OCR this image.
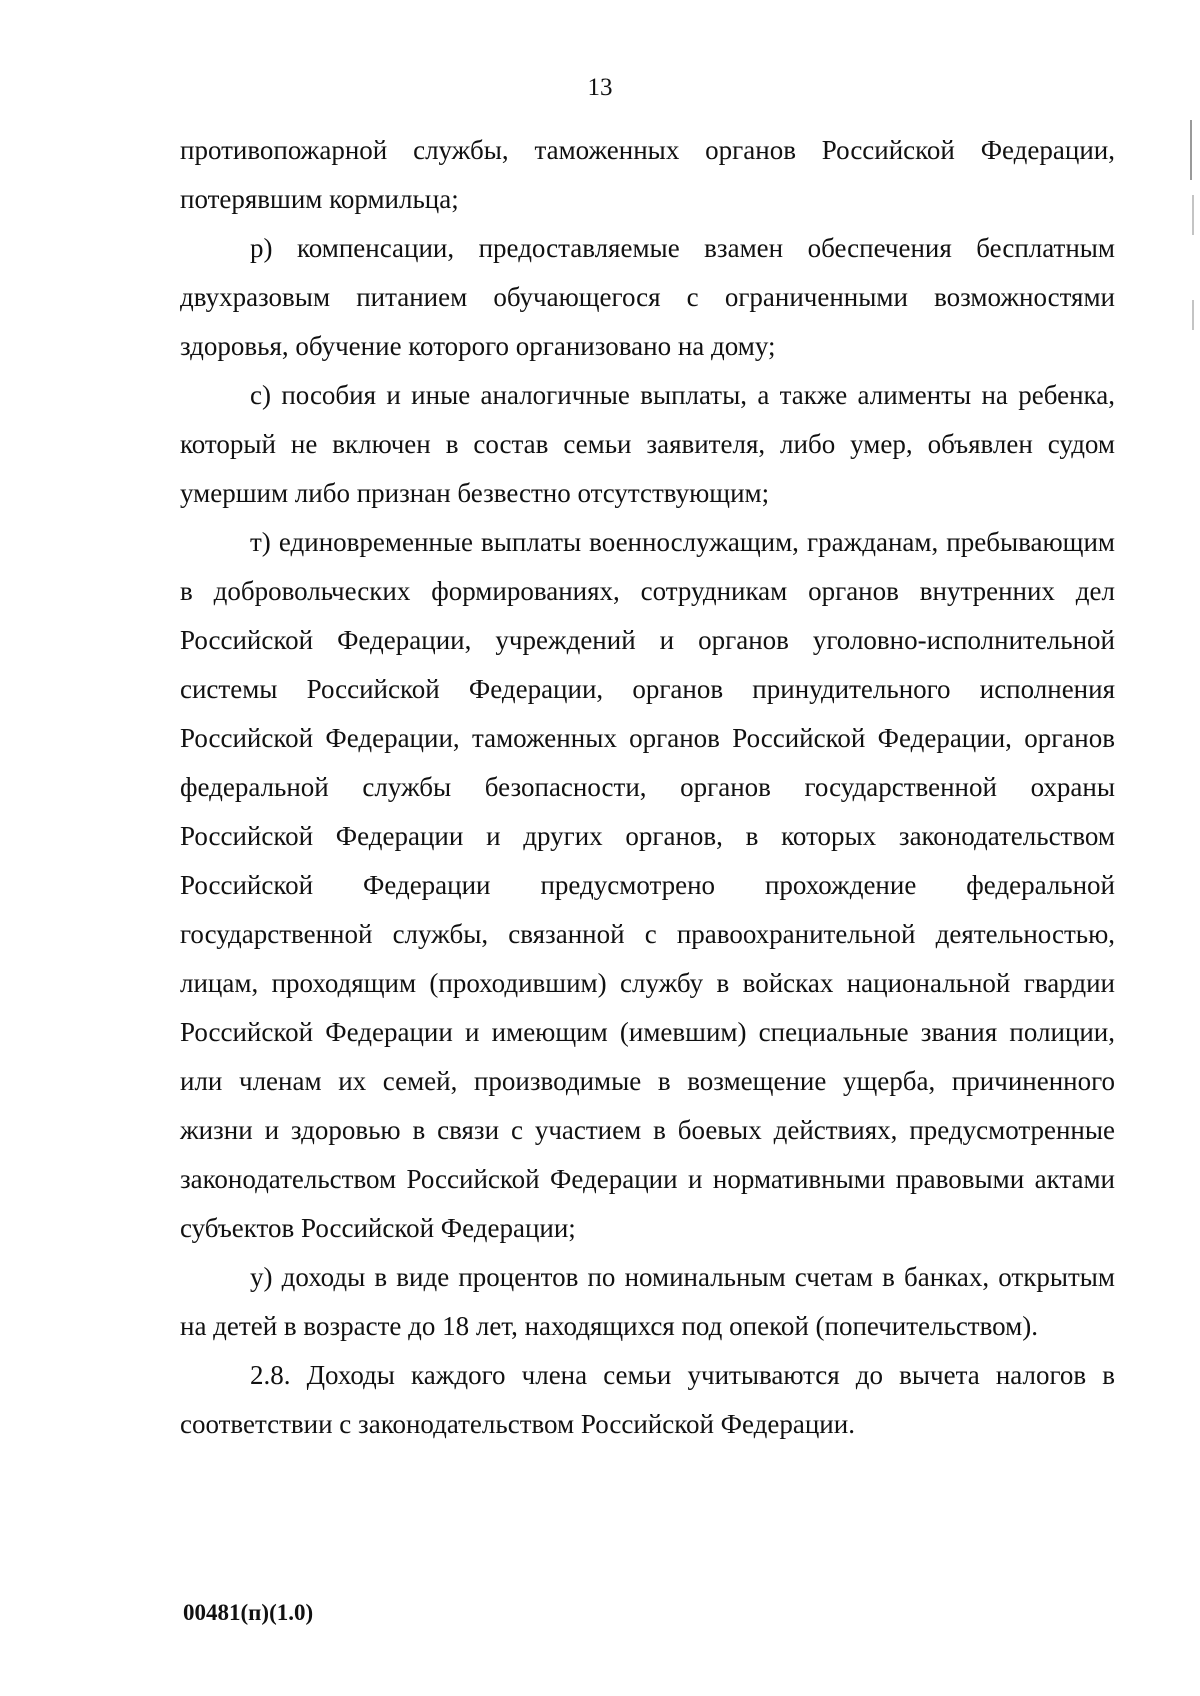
13

противопожарной службы, таможенных органов Российской Федерации, потерявшим кормильца;

р) компенсации, предоставляемые взамен обеспечения бесплатным двухразовым питанием обучающегося с ограниченными возможностями здоровья, обучение которого организовано на дому;

с) пособия и иные аналогичные выплаты, а также алименты на ребенка, который не включен в состав семьи заявителя, либо умер, объявлен судом умершим либо признан безвестно отсутствующим;

т) единовременные выплаты военнослужащим, гражданам, пребывающим в добровольческих формированиях, сотрудникам органов внутренних дел Российской Федерации, учреждений и органов уголовно-исполнительной системы Российской Федерации, органов принудительного исполнения Российской Федерации, таможенных органов Российской Федерации, органов федеральной службы безопасности, органов государственной охраны Российской Федерации и других органов, в которых законодательством Российской Федерации предусмотрено прохождение федеральной государственной службы, связанной с правоохранительной деятельностью, лицам, проходящим (проходившим) службу в войсках национальной гвардии Российской Федерации и имеющим (имевшим) специальные звания полиции, или членам их семей, производимые в возмещение ущерба, причиненного жизни и здоровью в связи с участием в боевых действиях, предусмотренные законодательством Российской Федерации и нормативными правовыми актами субъектов Российской Федерации;

у) доходы в виде процентов по номинальным счетам в банках, открытым на детей в возрасте до 18 лет, находящихся под опекой (попечительством).

2.8. Доходы каждого члена семьи учитываются до вычета налогов в соответствии с законодательством Российской Федерации.

00481(п)(1.0)
